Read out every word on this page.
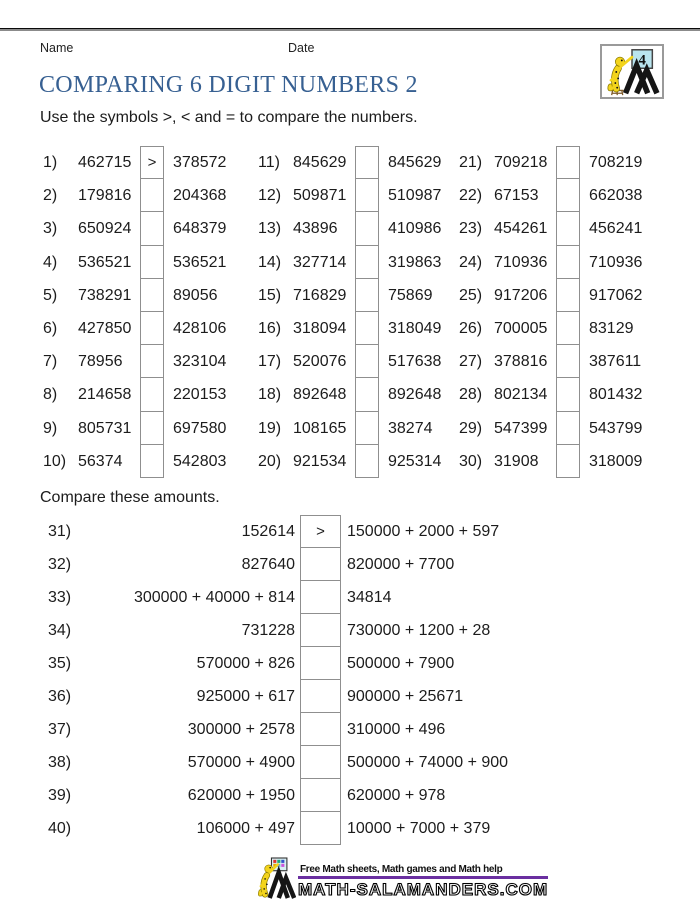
Name	Date
4
COMPARING 6 DIGIT NUMBERS 2
Use the symbols >, < and = to compare the numbers.
1) 462715	>	378572
2) 179816	204368
3) 650924	648379
4) 536521	536521
5) 738291	89056
6) 427850	428106
7) 78956	323104
8) 214658	220153
9) 805731	697580
10) 56374	542803
11) 845629	845629
12) 509871	510987
13) 43896	410986
14) 327714	319863
15) 716829	75869
16) 318094	318049
17) 520076	517638
18) 892648	892648
19) 108165	38274
20) 921534	925314
21) 709218	708219
22) 67153	662038
23) 454261	456241
24) 710936	710936
25) 917206	917062
26) 700005	83129
27) 378816	387611
28) 802134	801432
29) 547399	543799
30) 31908	318009
Compare these amounts.
31)	152614	>	150000 + 2000 + 597
32)	827640	820000 + 7700
33)	300000 + 40000 + 814	34814
34)	731228	730000 + 1200 + 28
35)	570000 + 826	500000 + 7900
36)	925000 + 617	900000 + 25671
37)	300000 + 2578	310000 + 496
38)	570000 + 4900	500000 + 74000 + 900
39)	620000 + 1950	620000 + 978
40)	106000 + 497	10000 + 7000 + 379
Free Math sheets, Math games and Math help
MATH-SALAMANDERS.COM
